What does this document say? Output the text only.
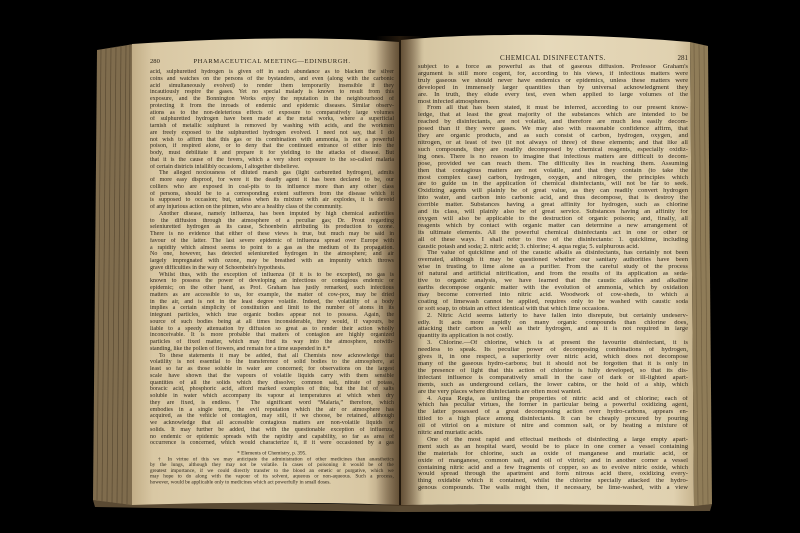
280	PHARMACEUTICAL MEETING—EDINBURGH.	CHEMICAL DISINFECTANTS.	281
acid, sulphuretted hydrogen is given off in such abundance as to blacken the silver
coins and watches on the persons of the bystanders, and even (along with the carbonic
acid simultaneously evolved) to render them temporarily insensible if they
incautiously respire the gases. Yet no special malady is known to result from this
exposure, and the Bonnington Works enjoy the reputation in the neighbourhood of
protecting it from the inroads of endemic and epidemic diseases. Similar observ-
ations as to the non-deleterious effects of exposure to comparatively large volumes
of sulphuretted hydrogen have been made at the metal works, where a superficial
tarnish of metallic sulphuret is removed by washing with acids, and the workmen
are freely exposed to the sulphuretted hydrogen evolved. I need not say, that I do
not wish to affirm that this gas or its combination with ammonia, is not a powerful
poison, if respired alone, or to deny that the continued entrance of either into the
body, must debilitate it and prepare it for yielding to the attacks of disease. But
that it is the cause of the fevers, which a very short exposure to the so-called malaria
of certain districts infallibly occasions, I altogether disbelieve.
The alleged noxiousness of diluted marsh gas (light carburetted hydrogen), admits
of more easy disproof, for were it the deadly agent it has been declared to be, our
colliers who are exposed in coal-pits to its influence more than any other class
of persons, should be to a corresponding extent sufferers from the disease which it
is supposed to occasion; but, unless when its mixture with air explodes, it is devoid
of any injurious action on the pitmen, who are a healthy class of the community.
Another disease, namely influenza, has been imputed by high chemical authorities
to the diffusion through the atmosphere of a peculiar gas; Dr. Prout regarding
seleniuretted hydrogen as its cause, Schoenbein attributing its production to ozone.
There is no evidence that either of these views is true, but much may be said in
favour of the latter. The last severe epidemic of influenza spread over Europe with
a rapidity which almost seems to point to a gas as the medium of its propagation.
No one, however, has detected seleniuretted hydrogen in the atmosphere; and air
largely impregnated with ozone, may be breathed with an impunity which throws
grave difficulties in the way of Schoenbein's hypothesis.
Whilst thus, with the exception of influenza (if it is to be excepted), no gas is
known to possess the power of developing an infectious or contagious endemic or
epidemic; on the other hand, as Prof. Graham has justly remarked, such infectious
matters as are accessible to us, for example, the matter of cow-pox, may be dried
in the air, and is not in the least degree volatile. Indeed, the volatility of a body
implies a certain simplicity of constitution and limit to the number of atoms in its
integrant particles, which true organic bodies appear not to possess. Again, the
source of such bodies being at all times inconsiderable, they would, if vapours, be
liable to a speedy attenuation by diffusion so great as to render their action wholly
inconceivable. It is more probable that matters of contagion are highly organized
particles of fixed matter, which may find its way into the atmosphere, notwith-
standing, like the pollen of flowers, and remain for a time suspended in it.*
To these statements it may be added, that all Chemists now acknowledge that
volatility is not essential to the transference of solid bodies to the atmosphere, at
least so far as those soluble in water are concerned; for observations on the largest
scale have shown that the vapours of volatile liquids carry with them sensible
quantities of all the solids which they dissolve; common salt, nitrate of potass,
boracic acid, phosphoric acid, afford marked examples of this; but the list of salts
soluble in water which accompany its vapour at temperatures at which when dry
they are fixed, is endless.† The significant word “Malaria,” therefore, which
embodies in a single term, the evil reputation which the air or atmosphere has
acquired, as the vehicle of contagion, may still, if we choose, be retained, although
we acknowledge that all accessible contagious matters are non-volatile liquids or
solids. It may further be added, that with the questionable exception of influenza,
no endemic or epidemic spreads with the rapidity and capability, so far as area of
occurrence is concerned, which would characterize it, if it were occasioned by a gas
* Elements of Chemistry, p. 395.
† In virtue of this we may anticipate the administration of other medicines than anæsthetics
by the lungs, although they may not be volatile. In cases of poisoning it would be of the
greatest importance, if we could directly transfer to the blood an emetic or purgative, which we
may hope to do along with the vapour of its solvent, aqueous or non-aqueous. Such a process,
however, would be applicable only to medicines which act powerfully in small doses.
subject to a force as powerful as that of gaseous diffusion. Professor Graham's
argument is still more cogent, for, according to his views, if infectious matters were
truly gaseous we should never have endemics or epidemics, unless these matters were
developed in immensely larger quantities than by universal acknowledgment they
are. In truth, they elude every test, even when applied to large volumes of the
most infected atmospheres.
From all that has been stated, it must be inferred, according to our present know-
ledge, that at least the great majority of the substances which are intended to be
reached by disinfectants, are not volatile, and therefore are much less easily decom-
posed than if they were gases. We may also with reasonable confidence affirm, that
they are organic products, and as such consist of carbon, hydrogen, oxygen, and
nitrogen, or at least of two (if not always of three) of these elements; and that like all
such compounds, they are readily decomposed by chemical reagents, especially oxidiz-
ing ones. There is no reason to imagine that infectious matters are difficult to decom-
pose, provided we can reach them. The difficulty lies in reaching them. Assuming
then that contagious matters are not volatile, and that they contain (to take the
most complex case) carbon, hydrogen, oxygen, and nitrogen, the principles which
are to guide us in the application of chemical disinfectants, will not be far to seek.
Oxidizing agents will plainly be of great value, as they can readily convert hydrogen
into water, and carbon into carbonic acid, and thus decompose, that is destroy the
corrible matter. Substances having a great affinity for hydrogen, such as chlorine
and its class, will plainly also be of great service. Substances having an affinity for
oxygen will also be applicable to the destruction of organic poisons; and, finally, all
reagents which by contact with organic matter can determine a new arrangement of
its ultimate elements. All the powerful chemical disinfectants act in one or other or
all of these ways. I shall refer to five of the disinfectants: 1. quicklime, including
caustic potash and soda; 2. nitric acid; 3. chlorine; 4. aqua regia; 5. sulphurous acid.
The value of quicklime and of the caustic alkalis as disinfectants, has certainly not been
overrated, although it may be questioned whether our sanitary authorities have been
wise in trusting to lime alone as a purifier. From the careful study of the process
of natural and artificial nitrification, and from the results of its application as seda-
tive to organic analysis, we have learned that the caustic alkalies and alkaline
earths decompose organic matter with the evolution of ammonia, which by oxidation
may become converted into nitric acid. Woodwork of cow-sheds, to which a
coating of limewash cannot be applied, requires only to be washed with caustic soda
or soft soap, to obtain an effect identical with that which lime occasions.
2. Nitric Acid seems latterly to have fallen into disrepute, but certainly undeserv-
edly. It acts more rapidly on many organic compounds than chlorine does,
attacking their carbon as well as their hydrogen, and as it is not required in large
quantity its application is not costly.
3. Chlorine.—Of chlorine, which is at present the favourite disinfectant, it is
needless to speak. Its peculiar power of decomposing combinations of hydrogen,
gives it, in one respect, a superiority over nitric acid, which does not decompose
many of the gaseous hydro-carbons; but it should not be forgotten that it is only in
the presence of light that this action of chlorine is fully developed, so that its dis-
infectant influence is comparatively small in the case of dark or ill-lighted apart-
ments, such as underground cellars, the lower cabins, or the hold of a ship, which
are the very places where disinfectants are often most wanted.
4. Aqua Regia, as uniting the properties of nitric acid and of chlorine; each of
which has peculiar virtues, the former in particular being a powerful oxidizing agent,
the latter possessed of a great decomposing action over hydro-carbons, appears en-
titled to a high place among disinfectants. It can be cheaply procured by pouring
oil of vitriol on a mixture of nitre and common salt, or by heating a mixture of
nitric and muriatic acids.
One of the most rapid and effectual methods of disinfecting a large empty apart-
ment such as an hospital ward, would be to place in one corner a vessel containing
the materials for chlorine, such as oxide of manganese and muriatic acid, or
oxide of manganese, common salt, and oil of vitriol; and in another corner a vessel
containing nitric acid and a few fragments of copper, so as to evolve nitric oxide, which
would spread through the apartment and form nitrous acid there, oxidizing every-
thing oxidable which it contained, whilst the chlorine specially attacked the hydro-
genous compounds. The walls might then, if necessary, be lime-washed, with a view
